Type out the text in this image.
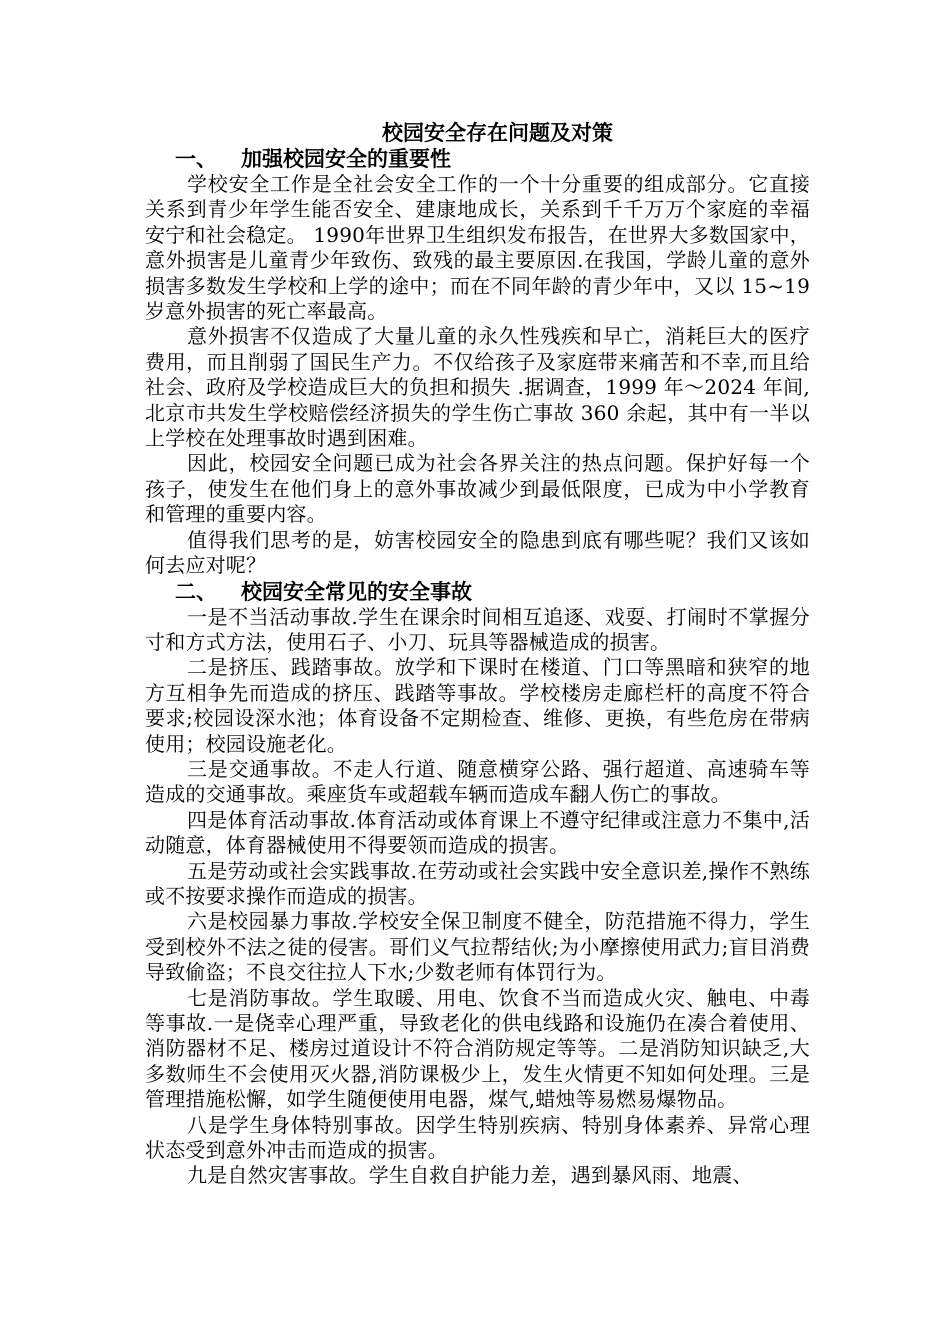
校园安全存在问题及对策
一、 加强校园安全的重要性

学校安全工作是全社会安全工作的一个十分重要的组成部分。它直接关系到青少年学生能否安全、建康地成长，关系到千千万万个家庭的幸福安宁和社会稳定。 1990年世界卫生组织发布报告，在世界大多数国家中，意外损害是儿童青少年致伤、致残的最主要原因.在我国，学龄儿童的意外损害多数发生学校和上学的途中；而在不同年龄的青少年中，又以 15~19 岁意外损害的死亡率最高。

意外损害不仅造成了大量儿童的永久性残疾和早亡，消耗巨大的医疗费用，而且削弱了国民生产力。不仅给孩子及家庭带来痛苦和不幸,而且给社会、政府及学校造成巨大的负担和损失 .据调查，1999 年～2024 年间,北京市共发生学校赔偿经济损失的学生伤亡事故 360 余起，其中有一半以上学校在处理事故时遇到困难。

因此，校园安全问题已成为社会各界关注的热点问题。保护好每一个孩子，使发生在他们身上的意外事故减少到最低限度，已成为中小学教育和管理的重要内容。

值得我们思考的是，妨害校园安全的隐患到底有哪些呢？我们又该如何去应对呢？

二、 校园安全常见的安全事故

一是不当活动事故.学生在课余时间相互追逐、戏耍、打闹时不掌握分寸和方式方法，使用石子、小刀、玩具等器械造成的损害。

二是挤压、践踏事故。放学和下课时在楼道、门口等黑暗和狭窄的地方互相争先而造成的挤压、践踏等事故。学校楼房走廊栏杆的高度不符合要求;校园设深水池；体育设备不定期检查、维修、更换，有些危房在带病使用；校园设施老化。

三是交通事故。不走人行道、随意横穿公路、强行超道、高速骑车等造成的交通事故。乘座货车或超载车辆而造成车翻人伤亡的事故。

四是体育活动事故.体育活动或体育课上不遵守纪律或注意力不集中,活动随意，体育器械使用不得要领而造成的损害。

五是劳动或社会实践事故.在劳动或社会实践中安全意识差,操作不熟练或不按要求操作而造成的损害。

六是校园暴力事故.学校安全保卫制度不健全，防范措施不得力，学生受到校外不法之徒的侵害。哥们义气拉帮结伙;为小摩擦使用武力;盲目消费导致偷盗；不良交往拉人下水;少数老师有体罚行为。

七是消防事故。学生取暖、用电、饮食不当而造成火灾、触电、中毒等事故.一是侥幸心理严重，导致老化的供电线路和设施仍在凑合着使用、消防器材不足、楼房过道设计不符合消防规定等等。二是消防知识缺乏,大多数师生不会使用灭火器,消防课极少上，发生火情更不知如何处理。三是管理措施松懈，如学生随便使用电器，煤气,蜡烛等易燃易爆物品。

八是学生身体特别事故。因学生特别疾病、特别身体素养、异常心理状态受到意外冲击而造成的损害。

九是自然灾害事故。学生自救自护能力差，遇到暴风雨、地震、
